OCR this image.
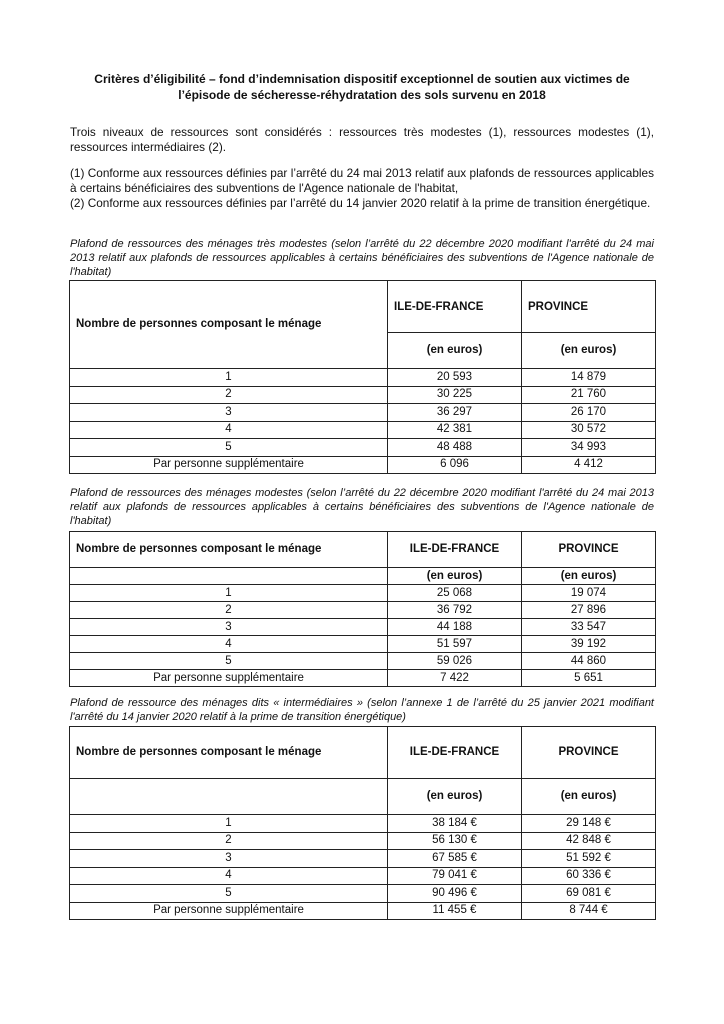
Critères d’éligibilité – fond d’indemnisation dispositif exceptionnel de soutien aux victimes de
l’épisode de sécheresse-réhydratation des sols survenu en 2018
Trois niveaux de ressources sont considérés : ressources très modestes (1), ressources modestes (1), ressources intermédiaires (2).
(1) Conforme aux ressources définies par l’arrêté du 24 mai 2013 relatif aux plafonds de ressources applicables à certains bénéficiaires des subventions de l'Agence nationale de l'habitat,
(2) Conforme aux ressources définies par l’arrêté du 14 janvier 2020 relatif à la prime de transition énergétique.
Plafond de ressources des ménages très modestes (selon l’arrêté du 22 décembre 2020 modifiant l'arrêté du 24 mai 2013 relatif aux plafonds de ressources applicables à certains bénéficiaires des subventions de l'Agence nationale de l'habitat)
Nombre de personnes composant le ménage	ILE-DE-FRANCE	PROVINCE
	(en euros)	(en euros)
1	20 593	14 879
2	30 225	21 760
3	36 297	26 170
4	42 381	30 572
5	48 488	34 993
Par personne supplémentaire	6 096	4 412
Plafond de ressources des ménages modestes (selon l’arrêté du 22 décembre 2020 modifiant l'arrêté du 24 mai 2013 relatif aux plafonds de ressources applicables à certains bénéficiaires des subventions de l'Agence nationale de l'habitat)
Nombre de personnes composant le ménage	ILE-DE-FRANCE	PROVINCE
	(en euros)	(en euros)
1	25 068	19 074
2	36 792	27 896
3	44 188	33 547
4	51 597	39 192
5	59 026	44 860
Par personne supplémentaire	7 422	5 651
Plafond de ressource des ménages dits « intermédiaires » (selon l’annexe 1 de l’arrêté du 25 janvier 2021 modifiant l'arrêté du 14 janvier 2020 relatif à la prime de transition énergétique)
Nombre de personnes composant le ménage	ILE-DE-FRANCE	PROVINCE
	(en euros)	(en euros)
1	38 184 €	29 148 €
2	56 130 €	42 848 €
3	67 585 €	51 592 €
4	79 041 €	60 336 €
5	90 496 €	69 081 €
Par personne supplémentaire	11 455 €	8 744 €
